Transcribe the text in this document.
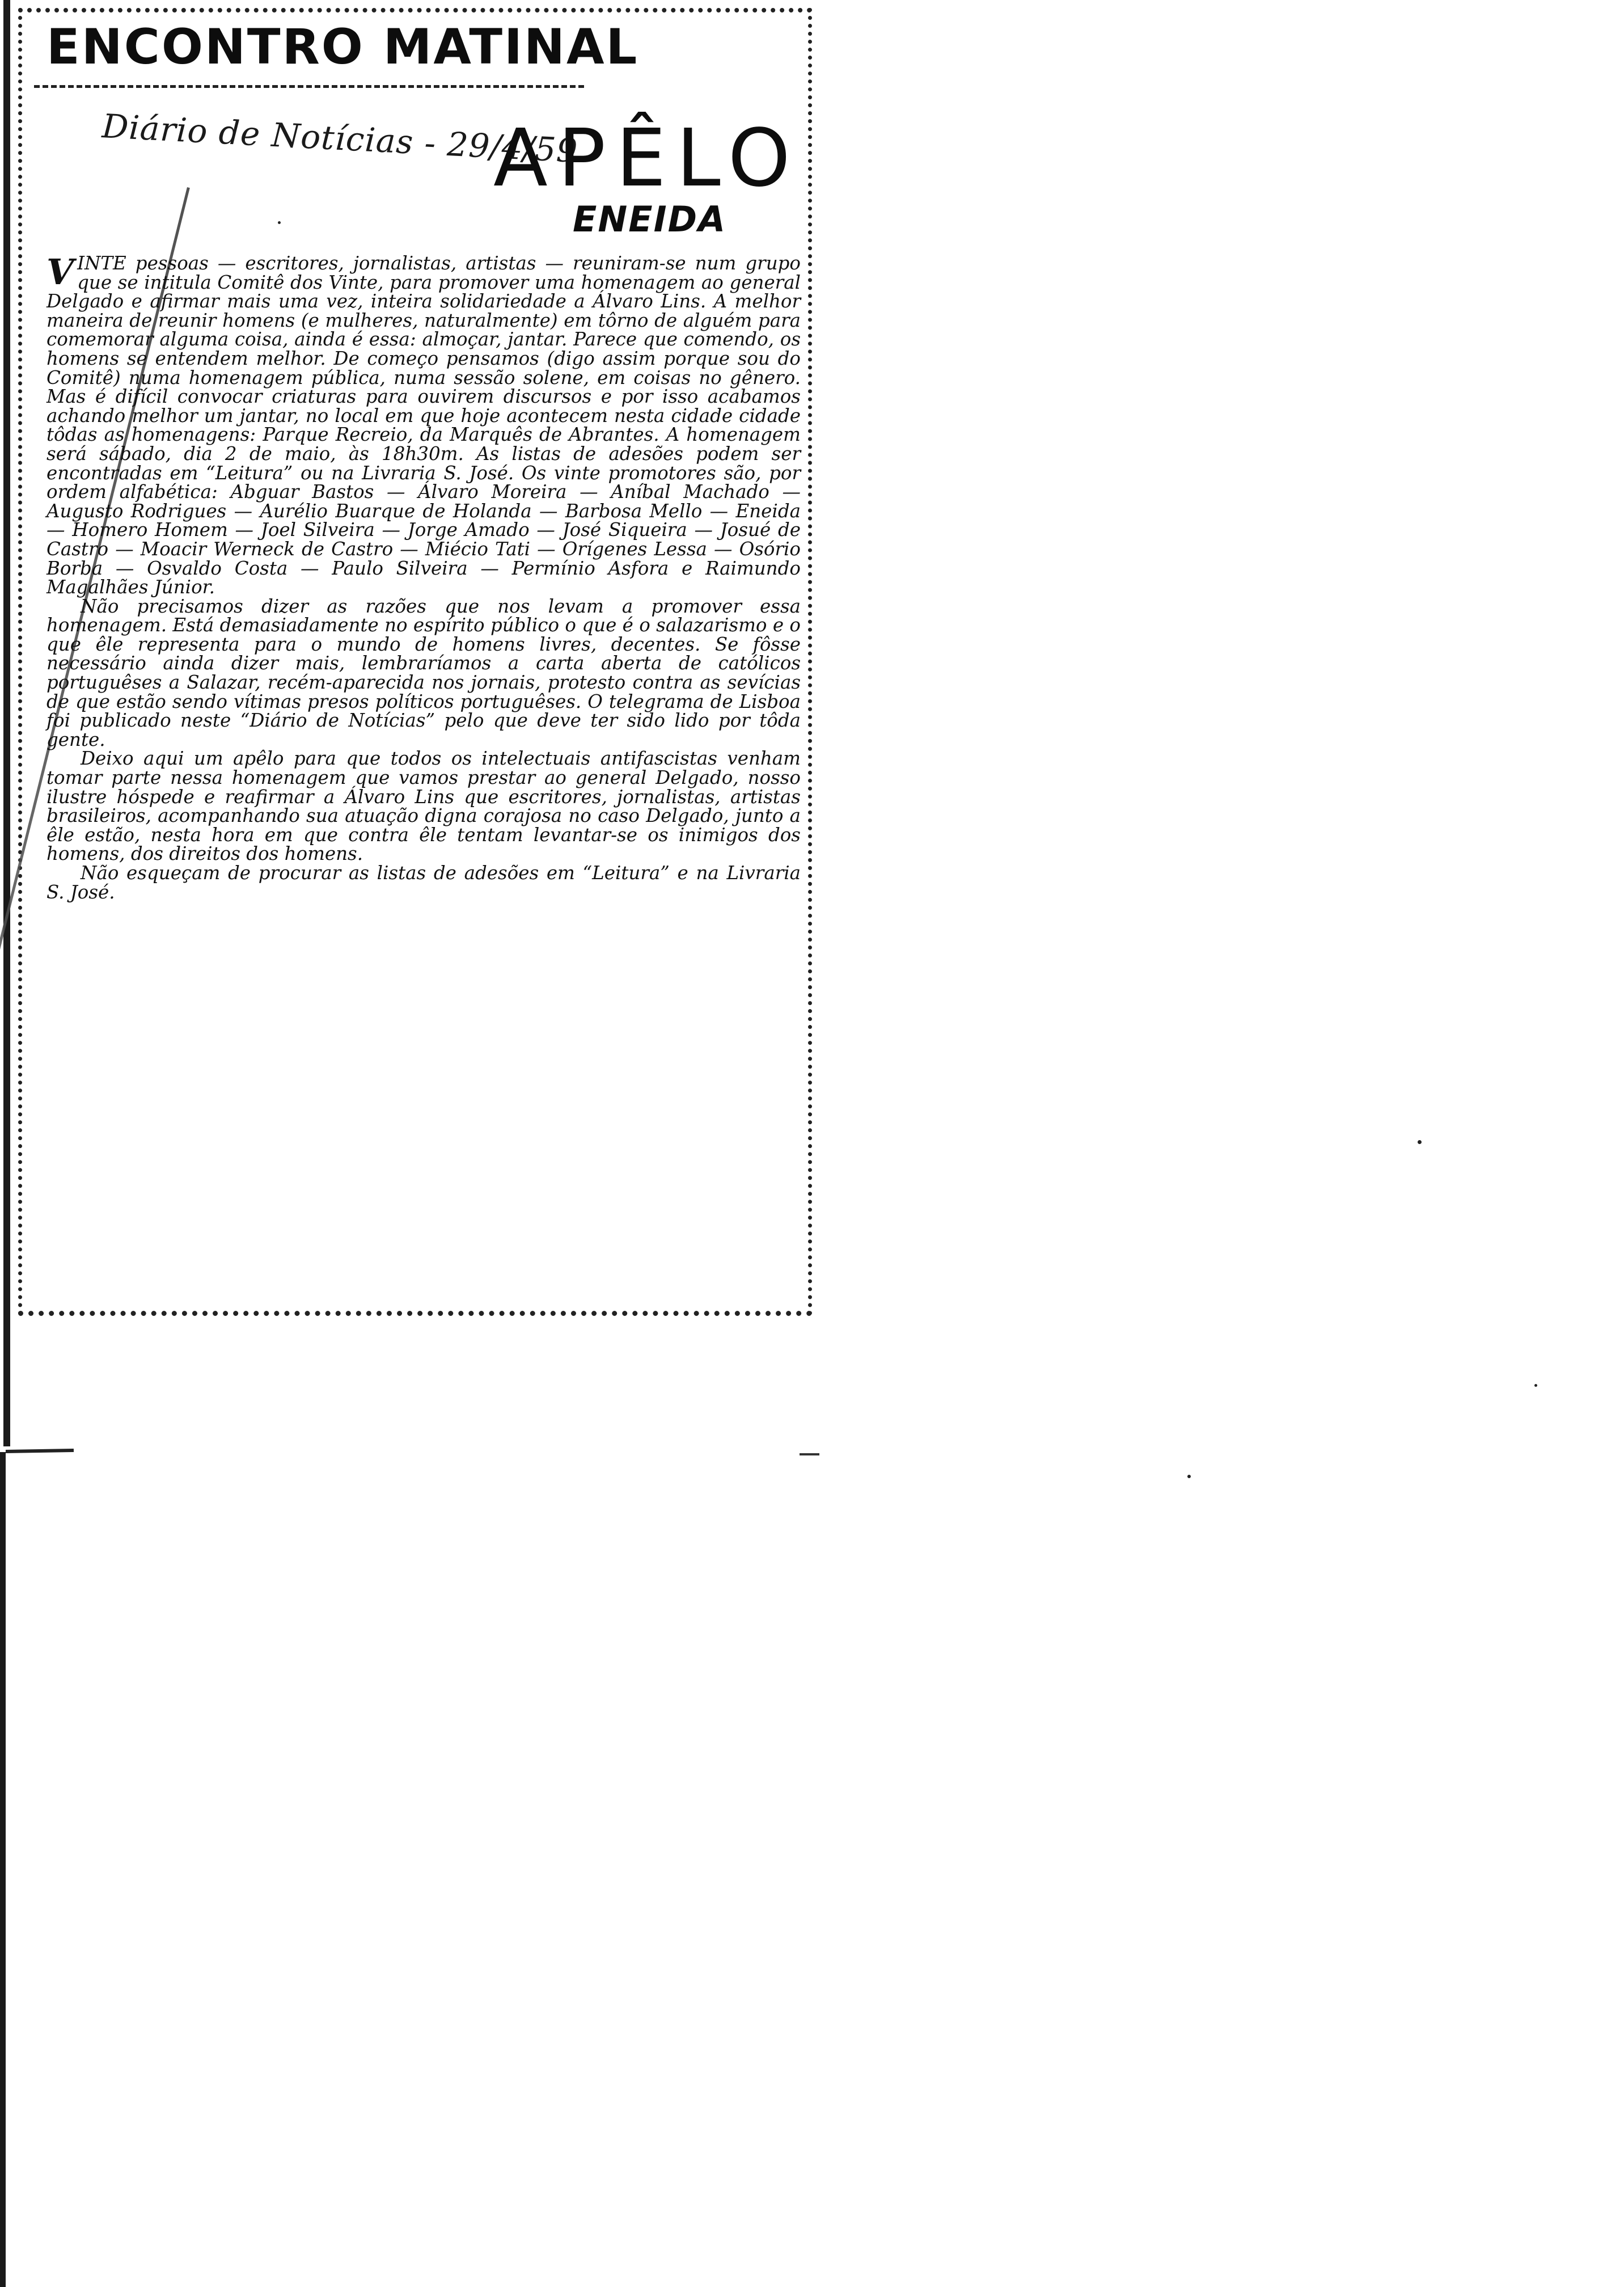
ENCONTRO MATINAL
Diário de Notícias - 29/4/59
APÊLO
ENEIDA

VINTE pessoas — escritores, jornalistas, artistas — reuniram-se num grupo que se intitula Comitê dos Vinte, para promover uma homenagem ao general Delgado e afirmar mais uma vez, inteira solidariedade a Álvaro Lins. A melhor maneira de reunir homens (e mulheres, naturalmente) em tôrno de alguém para comemorar alguma coisa, ainda é essa: almoçar, jantar. Parece que comendo, os homens se entendem melhor. De começo pensamos (digo assim porque sou do Comitê) numa homenagem pública, numa sessão solene, em coisas no gênero. Mas é difícil convocar criaturas para ouvirem discursos e por isso acabamos achando melhor um jantar, no local em que hoje acontecem nesta cidade cidade tôdas as homenagens: Parque Recreio, da Marquês de Abrantes. A homenagem será sábado, dia 2 de maio, às 18h30m. As listas de adesões podem ser encontradas em “Leitura” ou na Livraria S. José. Os vinte promotores são, por ordem alfabética: Abguar Bastos — Álvaro Moreira — Aníbal Machado — Augusto Rodrigues — Aurélio Buarque de Holanda — Barbosa Mello — Eneida — Homero Homem — Joel Silveira — Jorge Amado — José Siqueira — Josué de Castro — Moacir Werneck de Castro — Miécio Tati — Orígenes Lessa — Osório Borba — Osvaldo Costa — Paulo Silveira — Permínio Asfora e Raimundo Magalhães Júnior.

Não precisamos dizer as razões que nos levam a promover essa homenagem. Está demasiadamente no espírito público o que é o salazarismo e o que êle representa para o mundo de homens livres, decentes. Se fôsse necessário ainda dizer mais, lembraríamos a carta aberta de católicos portuguêses a Salazar, recém-aparecida nos jornais, protesto contra as sevícias de que estão sendo vítimas presos políticos portuguêses. O telegrama de Lisboa foi publicado neste “Diário de Notícias” pelo que deve ter sido lido por tôda gente.

Deixo aqui um apêlo para que todos os intelectuais antifascistas venham tomar parte nessa homenagem que vamos prestar ao general Delgado, nosso ilustre hóspede e reafirmar a Álvaro Lins que escritores, jornalistas, artistas brasileiros, acompanhando sua atuação digna corajosa no caso Delgado, junto a êle estão, nesta hora em que contra êle tentam levantar-se os inimigos dos homens, dos direitos dos homens.

Não esqueçam de procurar as listas de adesões em “Leitura” e na Livraria S. José.
